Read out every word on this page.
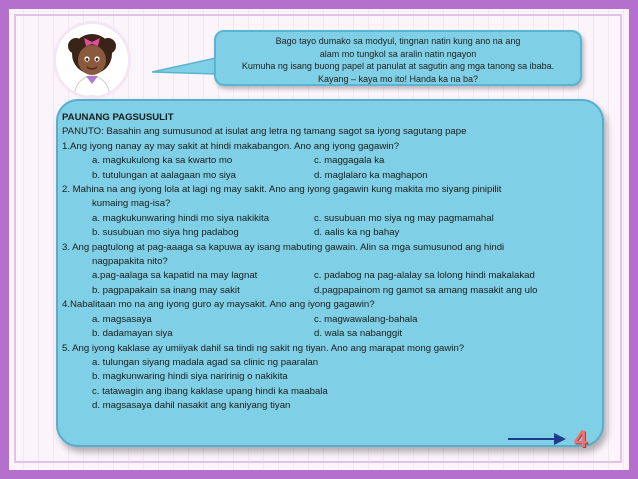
Bago tayo dumako sa modyul, tingnan natin kung ano na ang
alam mo tungkol sa aralin natin ngayon
Kumuha ng isang buong papel at panulat at sagutin ang mga tanong sa ibaba.
Kayang – kaya mo ito! Handa ka na ba?
PAUNANG PAGSUSULIT
PANUTO: Basahin ang sumusunod at isulat ang letra ng tamang sagot sa iyong sagutang pape
1.Ang iyong nanay ay may sakit at hindi makabangon. Ano ang iyong gagawin?
a. magkukulong ka sa kwarto mo	c. maggagala ka
b. tutulungan at aalagaan mo siya	d. maglalaro ka maghapon
2. Mahina na ang iyong lola at lagi ng may sakit. Ano ang iyong gagawin kung makita mo siyang pinipilit
kumaing mag-isa?
a. magkukunwaring hindi mo siya nakikita	c. susubuan mo siya ng may pagmamahal
b. susubuan mo siya hng padabog	d. aalis ka ng bahay
3. Ang pagtulong at pag-aaaga sa kapuwa ay isang mabuting gawain. Alin sa mga sumusunod ang hindi
nagpapakita nito?
a.pag-aalaga sa kapatid na may lagnat	c. padabog na pag-alalay sa lolong hindi makalakad
b. pagpapakain sa inang may sakit	d.pagpapainom ng gamot sa amang masakit ang ulo
4.Nabalitaan mo na ang iyong guro ay maysakit. Ano ang iyong gagawin?
a. magsasaya	c. magwawalang-bahala
b. dadamayan siya	d. wala sa nabanggit
5. Ang iyong kaklase ay umiiyak dahil sa tindi ng sakit ng tiyan. Ano ang marapat mong gawin?
a. tulungan siyang madala agad sa clinic ng paaralan
b. magkunwaring hindi siya naririnig o nakikita
c. tatawagin ang ibang kaklase upang hindi ka maabala
d. magsasaya dahil nasakit ang kaniyang tiyan
4
